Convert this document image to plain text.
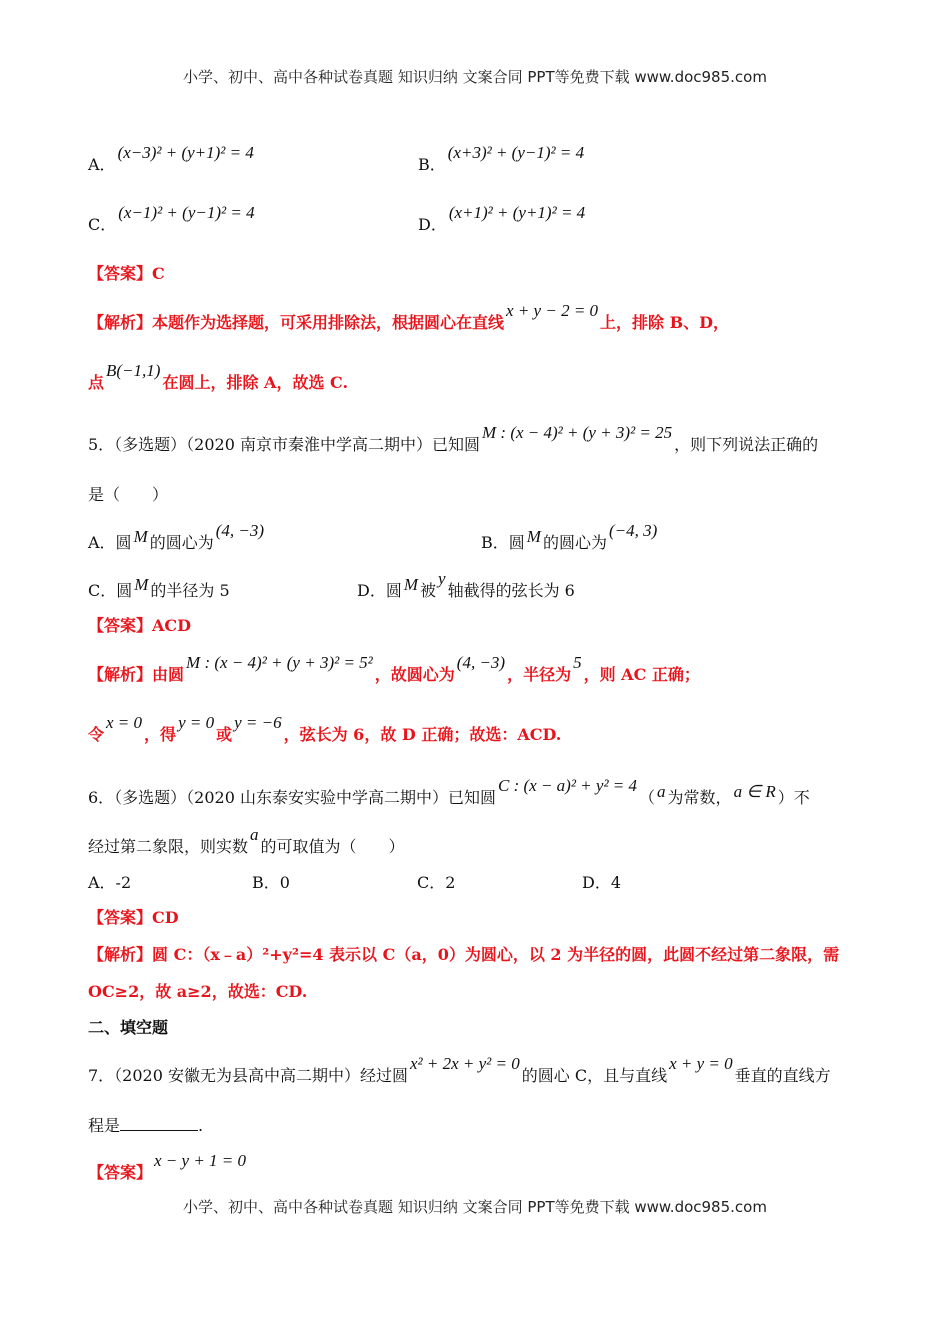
小学、初中、高中各种试卷真题 知识归纳 文案合同 PPT等免费下载 www.doc985.com
A．(x−3)² + (y+1)² = 4
B．(x+3)² + (y−1)² = 4
C．(x−1)² + (y−1)² = 4
D．(x+1)² + (y+1)² = 4
【答案】C
【解析】本题作为选择题，可采用排除法，根据圆心在直线x + y − 2 = 0上，排除 B、D，
点B(−1,1)在圆上，排除 A，故选 C.
5．（多选题）（2020 南京市秦淮中学高二期中）已知圆M : (x − 4)² + (y + 3)² = 25，则下列说法正确的
是（　　）
A．圆 M 的圆心为(4, −3)
B．圆 M 的圆心为(−4, 3)
C．圆 M 的半径为 5	D．圆 M 被y轴截得的弦长为 6
【答案】ACD
【解析】由圆M : (x − 4)² + (y + 3)² = 5²，故圆心为(4, −3)，半径为5，则 AC 正确；
令x = 0，得y = 0或y = −6，弦长为 6，故 D 正确；故选：ACD.
6．（多选题）（2020 山东泰安实验中学高二期中）已知圆C : (x − a)² + y² = 4（ a 为常数， a ∈ R ）不
经过第二象限，则实数a的可取值为（　　）
A．-2	B．0	C．2	D．4
【答案】CD
【解析】圆 C：（x﹣a）²+y²=4 表示以 C（a，0）为圆心，以 2 为半径的圆，此圆不经过第二象限，需
OC≥2，故 a≥2，故选：CD.
二、填空题
7．（2020 安徽无为县高中高二期中）经过圆x² + 2x + y² = 0的圆心 C，且与直线x + y = 0垂直的直线方
程是	.
【答案】x − y + 1 = 0
小学、初中、高中各种试卷真题 知识归纳 文案合同 PPT等免费下载 www.doc985.com
